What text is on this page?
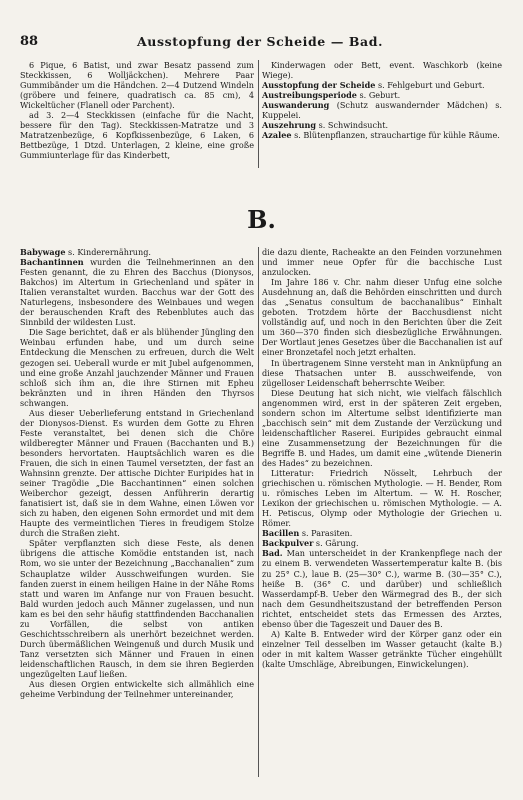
88	Ausstopfung der Scheide — Bad.

6 Pique, 6 Batist, und zwar Besatz passend zum Steckkissen, 6 Wolljäckchen). Mehrere Paar Gummibänder um die Händchen. 2—4 Dutzend Windeln (gröbere und feinere, quadratisch ca. 85 cm), 4 Wickeltücher (Flanell oder Parchent).

ad 3. 2—4 Steckkissen (einfache für die Nacht, bessere für den Tag). Steckkissen-Matratze und 3 Matratzenbezüge, 6 Kopfkissenbezüge, 6 Laken, 6 Bettbezüge, 1 Dtzd. Unterlagen, 2 kleine, eine große Gummiunterlage für das Kinderbett,

Kinderwagen oder Bett, event. Waschkorb (keine Wiege).

Ausstopfung der Scheide s. Fehlgeburt und Geburt.

Austreibungsperiode s. Geburt.

Auswanderung (Schutz auswandernder Mädchen) s. Kuppelei.

Auszehrung s. Schwindsucht.

Azalee s. Blütenpflanzen, strauchartige für kühle Räume.

B.

Babywage s. Kinderernährung.

Bachantinnen wurden die Teilnehmerinnen an den Festen genannt, die zu Ehren des Bacchus (Dionysos, Bakchos) im Altertum in Griechenland und später in Italien veranstaltet wurden. Bacchus war der Gott des Naturlegens, insbesondere des Weinbaues und wegen der berauschenden Kraft des Rebenblutes auch das Sinnbild der wildesten Lust.

Die Sage berichtet, daß er als blühender Jüngling den Weinbau erfunden habe, und um durch seine Entdeckung die Menschen zu erfreuen, durch die Welt gezogen sei. Ueberall wurde er mit Jubel aufgenommen, und eine große Anzahl jauchzender Männer und Frauen schloß sich ihm an, die ihre Stirnen mit Epheu bekränzten und in ihren Händen den Thyrsos schwangen.

Aus dieser Ueberlieferung entstand in Griechenland der Dionysos-Dienst. Es wurden dem Gotte zu Ehren Feste veranstaltet, bei denen sich die Chöre wildberegter Männer und Frauen (Bacchanten und B.) besonders hervortaten. Hauptsächlich waren es die Frauen, die sich in einen Taumel versetzten, der fast an Wahnsinn grenzte. Der attische Dichter Euripides hat in seiner Tragödie „Die Bacchantinnen“ einen solchen Weiberchor gezeigt, dessen Anführerin derartig fanatisiert ist, daß sie in dem Wahne, einen Löwen vor sich zu haben, den eigenen Sohn ermordet und mit dem Haupte des vermeintlichen Tieres in freudigem Stolze durch die Straßen zieht.

Später verpflanzten sich diese Feste, als denen übrigens die attische Komödie entstanden ist, nach Rom, wo sie unter der Bezeichnung „Bacchanalien“ zum Schauplatze wilder Ausschweifungen wurden. Sie fanden zuerst in einem heiligen Haine in der Nähe Roms statt und waren im Anfange nur von Frauen besucht. Bald wurden jedoch auch Männer zugelassen, und nun kam es bei den sehr häufig stattfindenden Bacchanalien zu Vorfällen, die selbst von antiken Geschichtsschreibern als unerhört bezeichnet werden. Durch übermäßlichen Weingenuß und durch Musik und Tanz versetzten sich Männer und Frauen in einen leidenschaftlichen Rausch, in dem sie ihren Begierden ungezügelten Lauf ließen.

Aus diesen Orgien entwickelte sich allmählich eine geheime Verbindung der Teilnehmer untereinander,

die dazu diente, Racheakte an den Feinden vorzunehmen und immer neue Opfer für die bacchische Lust anzulocken.

Im Jahre 186 v. Chr. nahm dieser Unfug eine solche Ausdehnung an, daß die Behörden einschritten und durch das „Senatus consultum de bacchanalibus“ Einhalt geboten. Trotzdem hörte der Bacchusdienst nicht vollständig auf, und noch in den Berichten über die Zeit um 360—370 finden sich diesbezügliche Erwähnungen. Der Wortlaut jenes Gesetzes über die Bacchanalien ist auf einer Bronzetafel noch jetzt erhalten.

In übertragenem Sinne versteht man in Anknüpfung an diese Thatsachen unter B. ausschweifende, von zügelloser Leidenschaft beherrschte Weiber.

Diese Deutung hat sich nicht, wie vielfach fälschlich angenommen wird, erst in der späteren Zeit ergeben, sondern schon im Altertume selbst identifizierte man „bacchisch sein“ mit dem Zustande der Verzückung und leidenschaftlicher Raserei. Euripides gebraucht einmal eine Zusammensetzung der Bezeichnungen für die Begriffe B. und Hades, um damit eine „wütende Dienerin des Hades“ zu bezeichnen.

Litteratur: Friedrich Nösselt, Lehrbuch der griechischen u. römischen Mythologie. — H. Bender, Rom u. römisches Leben im Altertum. — W. H. Roscher, Lexikon der griechischen u. römischen Mythologie. — A. H. Petiscus, Olymp oder Mythologie der Griechen u. Römer.

Bacillen s. Parasiten.

Backpulver s. Gärung.

Bad. Man unterscheidet in der Krankenpflege nach der zu einem B. verwendeten Wassertemperatur kalte B. (bis zu 25° C.), laue B. (25—30° C.), warme B. (30—35° C.), heiße B. (36° C. und darüber) und schließlich Wasserdampf-B. Ueber den Wärmegrad des B., der sich nach dem Gesundheitszustand der betreffenden Person richtet, entscheidet stets das Ermessen des Arztes, ebenso über die Tageszeit und Dauer des B.

A) Kalte B. Entweder wird der Körper ganz oder ein einzelner Teil desselben im Wasser getaucht (kalte B.) oder in mit kaltem Wasser getränkte Tücher eingehüllt (kalte Umschläge, Abreibungen, Einwickelungen).
